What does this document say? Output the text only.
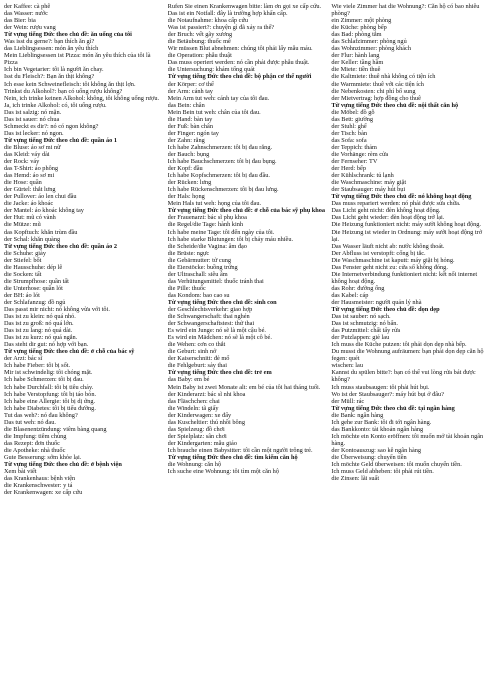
der Kaffee: cà phê

das Wasser: nước

das Bier: bia

der Wein: rượu vang

Từ vựng tiếng Đức theo chủ đề: ăn uống của tôi

Was isst du gerne?: bạn thích ăn gì?

das Lieblingsessen: món ăn yêu thích

Mein Lieblingsessen ist Pizza: món ăn yêu thích của tôi là Pizza

Ich bin Vegetarier: tôi là người ăn chay.

Isst du Fleisch?: Bạn ăn thịt không?

Ich esse kein Schweinefleisch: tôi không ăn thịt lợn.

Trinkst du Alkohol?: bạn có uống rượu không?

Nein, ich trinke keinen Alkohol: không, tôi không uống rượu.

Ja, ich trinke Alkohol: có, tôi uống rượu.

Das ist salzig: nó mặn.

Das ist sauer: nó chua

Schmeckt es dir?: nó có ngon không?

Das ist lecker: nó ngon.

Từ vựng tiếng Đức theo chủ đề: quần áo 1

die Bluse: áo sơ mi nữ

das Kleid: váy dài

der Rock: váy

das T-Shirt: áo phông

das Hemd: áo sơ mi

die Hose: quần

der Gürtel: thắt lưng

der Pullover: áo len chui đầu

die Jacke: áo khoác

der Mantel: áo khoác không tay

der Hut: mũ có vành

die Mütze: mũ

das Kopftuch: khăn trùm đầu

der Schal: khăn quàng

Từ vựng tiếng Đức theo chủ đề: quần áo 2

die Schuhe: giày

der Stiefel: bốt

die Hausschuhe: dép lê

die Socken: tất

die Strumpfhose: quần tất

die Unterhose: quần lót

der BH: áo lót

der Schlafanzug: đồ ngủ

Das passt mir nicht: nó không vừa với tôi.

Das ist zu klein: nó quá nhỏ.

Das ist zu groß: nó quá lớn.

Das ist zu lang: nó quá dài.

Das ist zu kurz: nó quá ngắn.

Das steht dir gut: nó hợp với bạn.

Từ vựng tiếng Đức theo chủ đề: ở chỗ của bác sỹ

der Arzt: bác sĩ

Ich habe Fieber: tôi bị sốt.

Mir ist schwindelig: tôi chóng mặt.

Ich habe Schmerzen: tôi bị đau.

Ich habe Durchfall: tôi bị tiêu chảy.

Ich habe Verstopfung: tôi bị táo bón.

Ich habe eine Allergie: tôi bị dị ứng.

Ich habe Diabetes: tôi bị tiểu đường.

Tut das weh?: nó đau không?

Das tut weh: nó đau.

die Blasenentzündung: viêm bàng quang

die Impfung: tiêm chủng

das Rezept: đơn thuốc

die Apotheke: nhà thuốc

Gute Besserung: sớm khỏe lại.

Từ vựng tiếng Đức theo chủ đề: ở bệnh viện

Xem bài viết

das Krankenhaus: bệnh viện

die Krankenschwester: y tá

der Krankenwagen: xe cấp cứu

Rufen Sie einen Krankenwagen bitte: làm ơn gọi xe cấp cứu.

Das ist ein Notfall: đây là trường hợp khẩn cấp.

die Notaufnahme: khoa cấp cứu

Was ist passiert?: chuyện gì đã xảy ra thế?

der Bruch: vết gãy xương

die Betäubung: thuốc mê

Wir müssen Blut abnehmen: chúng tôi phải lấy mẫu máu.

die Operation: phẫu thuật

Das muss operiert werden: nó cần phải được phẫu thuật.

die Untersuchung: khám tổng quát

Từ vựng tiếng Đức theo chủ đề: bộ phận cơ thể người

der Körper: cơ thể

der Arm: cánh tay

Mein Arm tut weh: cánh tay của tôi đau.

das Bein: chân

Mein Bein tut weh: chân của tôi đau.

die Hand: bàn tay

der Fuß: bàn chân

der Finger: ngón tay

der Zahn: răng

Ich habe Zahnschmerzen: tôi bị đau răng.

der Bauch: bụng

Ich habe Bauchschmerzen: tôi bị đau bụng.

der Kopf: đầu

Ich habe Kopfschmerzen: tôi bị đau đầu.

der Rücken: lưng

Ich habe Rückenschmerzen: tôi bị đau lưng.

der Hals: họng

Mein Hals tut weh: họng của tôi đau.

Từ vựng tiếng Đức theo chủ đề: ở chỗ của bác sỹ phụ khoa

der Frauenarzt: bác sĩ phụ khoa

die Regel/die Tage: hành kinh

Ich habe meine Tage: tôi đến ngày của tôi.

Ich habe starke Blutungen: tôi bị chảy máu nhiều.

die Scheide/die Vagina: âm đạo

die Brüste: ngực

die Gebärmutter: tử cung

die Eierstöcke: buồng trứng

der Ultraschall: siêu âm

das Verhütungsmittel: thuốc tránh thai

die Pille: thuốc

das Kondom: bao cao su

Từ vựng tiếng Đức theo chủ đề: sinh con

der Geschlechtsverkehr: giao hợp

die Schwangerschaft: thai nghén

der Schwangerschaftstest: thử thai

Es wird ein Junge: nó sẽ là một cậu bé.

Es wird ein Mädchen: nó sẽ là một cô bé.

die Wehen: cơn co thắt

die Geburt: sinh nở

der Kaiserschnitt: đẻ mổ

die Fehlgeburt: sảy thai

Từ vựng tiếng Đức theo chủ đề: trẻ em

das Baby: em bé

Mein Baby ist zwei Monate alt: em bé của tôi hai tháng tuổi.

der Kinderarzt: bác sĩ nhi khoa

das Fläschchen: chai

die Windeln: tã giấy

der Kinderwagen: xe đẩy

das Kuscheltier: thú nhồi bông

das Spielzeug: đồ chơi

der Spielplatz: sân chơi

der Kindergarten: mẫu giáo

Ich brauche einen Babysitter: tôi cần một người trông trẻ.

Từ vựng tiếng Đức theo chủ đề: tìm kiếm căn hộ

die Wohnung: căn hộ

Ich suche eine Wohnung: tôi tìm một căn hộ

Wie viele Zimmer hat die Wohnung?: Căn hộ có bao nhiêu phòng?

ein Zimmer: một phòng

die Küche: phòng bếp

das Bad: phòng tắm

das Schlafzimmer: phòng ngủ

das Wohnzimmer: phòng khách

der Flur: hành lang

der Keller: tầng hầm

die Miete: tiền thuê

die Kaltmiete: thuê nhà không có tiện ích

die Warmmiete: thuê với các tiện ích

die Nebenkosten: chi phí bổ sung

der Mietvertrag: hợp đồng cho thuê

Từ vựng tiếng Đức theo chủ đề: nội thất căn hộ

die Möbel: đồ gỗ

das Bett: giường

der Stuhl: ghế

der Tisch: bàn

das Sofa: sofa

der Teppich: thảm

die Vorhänge: rèm cửa

der Fernseher: TV

der Herd: bếp

der Kühlschrank: tủ lạnh

die Waschmaschine: máy giặt

der Staubsauger: máy hút bụi

Từ vựng tiếng Đức theo chủ đề: nó không hoạt động

Das muss repariert werden: nó phải được sửa chữa.

Das Licht geht nicht: đèn không hoạt động.

Das Licht geht wieder: đèn hoạt động trở lại.

Die Heizung funktioniert nicht: máy sưởi không hoạt động.

Die Heizung ist wieder in Ordnung: máy sưởi hoạt động trở lại.

Das Wasser läuft nicht ab: nước không thoát.

Der Abfluss ist verstopft: cống bị tắc.

Die Waschmaschine ist kaputt: máy giặt bị hỏng.

Das Fenster geht nicht zu: cửa sổ không đóng.

Die Internetverbindung funktioniert nicht: kết nối internet không hoạt động.

das Rohr: đường ống

das Kabel: cáp

der Hausmeister: người quản lý nhà

Từ vựng tiếng Đức theo chủ đề: dọn dẹp

Das ist sauber: nó sạch.

Das ist schmutzig: nó bẩn.

das Putzmittel: chất tẩy rửa

der Putzlappen: giẻ lau

Ich muss die Küche putzen: tôi phải dọn dẹp nhà bếp.

Du musst die Wohnung aufräumen: bạn phải dọn dẹp căn hộ

fegen: quét

wischen: lau

Kannst du spülen bitte?: bạn có thể vui lòng rửa bát được không?

Ich muss staubsaugen: tôi phải hút bụi.

Wo ist der Staubsauger?: máy hút bụi ở đâu?

der Müll: rác

Từ vựng tiếng Đức theo chủ đề: tại ngân hàng

die Bank: ngân hàng

Ich gehe zur Bank: tôi đi tới ngân hàng.

das Bankkonto: tài khoản ngân hàng

Ich möchte ein Konto eröffnen: tôi muốn mở tài khoản ngân hàng.

der Kontoauszug: sao kê ngân hàng

die Überweisung: chuyển tiền

Ich möchte Geld überweisen: tôi muốn chuyển tiền.

Ich muss Geld abheben: tôi phải rút tiền.

die Zinsen: lãi suất
